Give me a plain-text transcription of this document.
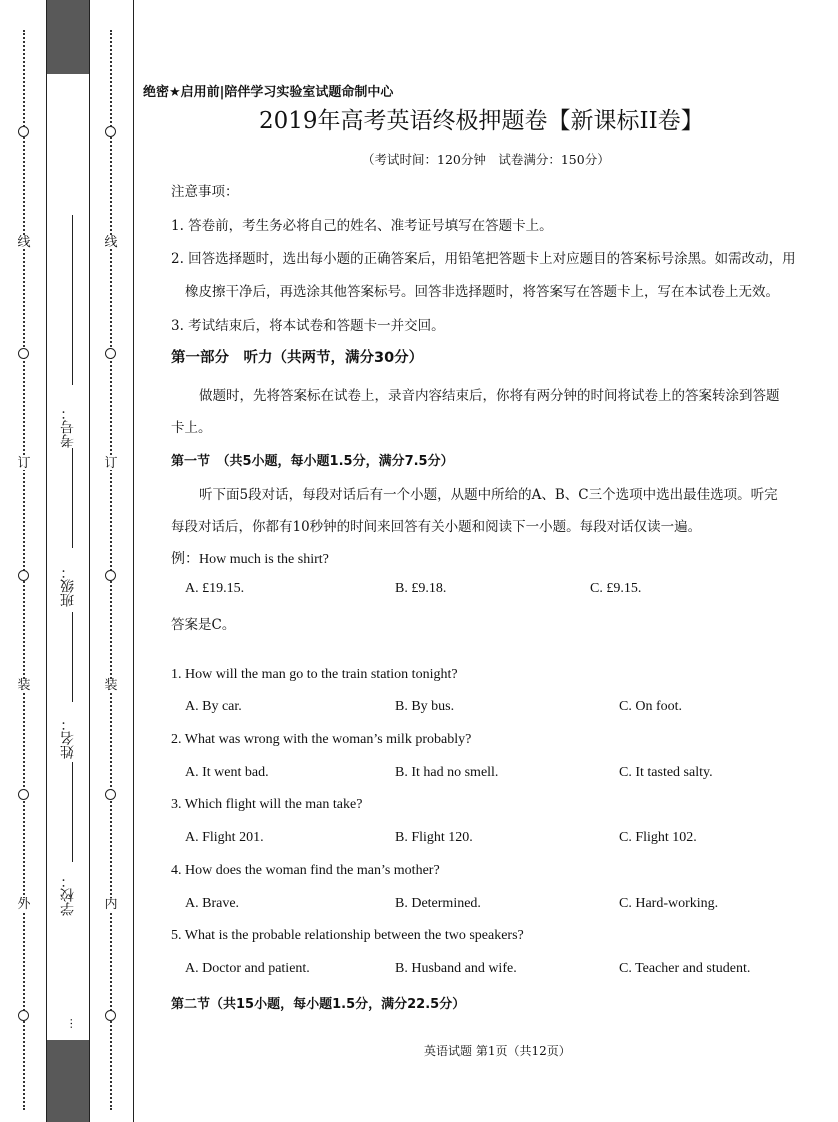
线
订
装
外
线
订
装
内
考号：
班级：
姓名：
学校：
…
绝密★启用前|陪伴学习实验室试题命制中心
2019年高考英语终极押题卷【新课标II卷】
（考试时间：120分钟　试卷满分：150分）
注意事项：
1. 答卷前，考生务必将自己的姓名、准考证号填写在答题卡上。
2. 回答选择题时，选出每小题的正确答案后，用铅笔把答题卡上对应题目的答案标号涂黑。如需改动，用
橡皮擦干净后，再选涂其他答案标号。回答非选择题时，将答案写在答题卡上，写在本试卷上无效。
3. 考试结束后，将本试卷和答题卡一并交回。
第一部分　听力（共两节，满分30分）
做题时，先将答案标在试卷上，录音内容结束后，你将有两分钟的时间将试卷上的答案转涂到答题
卡上。
第一节　（共5小题，每小题1.5分，满分7.5分）
听下面5段对话，每段对话后有一个小题，从题中所给的A、B、C三个选项中选出最佳选项。听完
每段对话后，你都有10秒钟的时间来回答有关小题和阅读下一小题。每段对话仅读一遍。
例：How much is the shirt?
A. £19.15.	B. £9.18.	C. £9.15.
答案是C。
1. How will the man go to the train station tonight?
A. By car.	B. By bus.	C. On foot.
2. What was wrong with the woman’s milk probably?
A. It went bad.	B. It had no smell.	C. It tasted salty.
3. Which flight will the man take?
A. Flight 201.	B. Flight 120.	C. Flight 102.
4. How does the woman find the man’s mother?
A. Brave.	B. Determined.	C. Hard-working.
5. What is the probable relationship between the two speakers?
A. Doctor and patient.	B. Husband and wife.	C. Teacher and student.
第二节（共15小题，每小题1.5分，满分22.5分）
英语试题 第1页（共12页）
